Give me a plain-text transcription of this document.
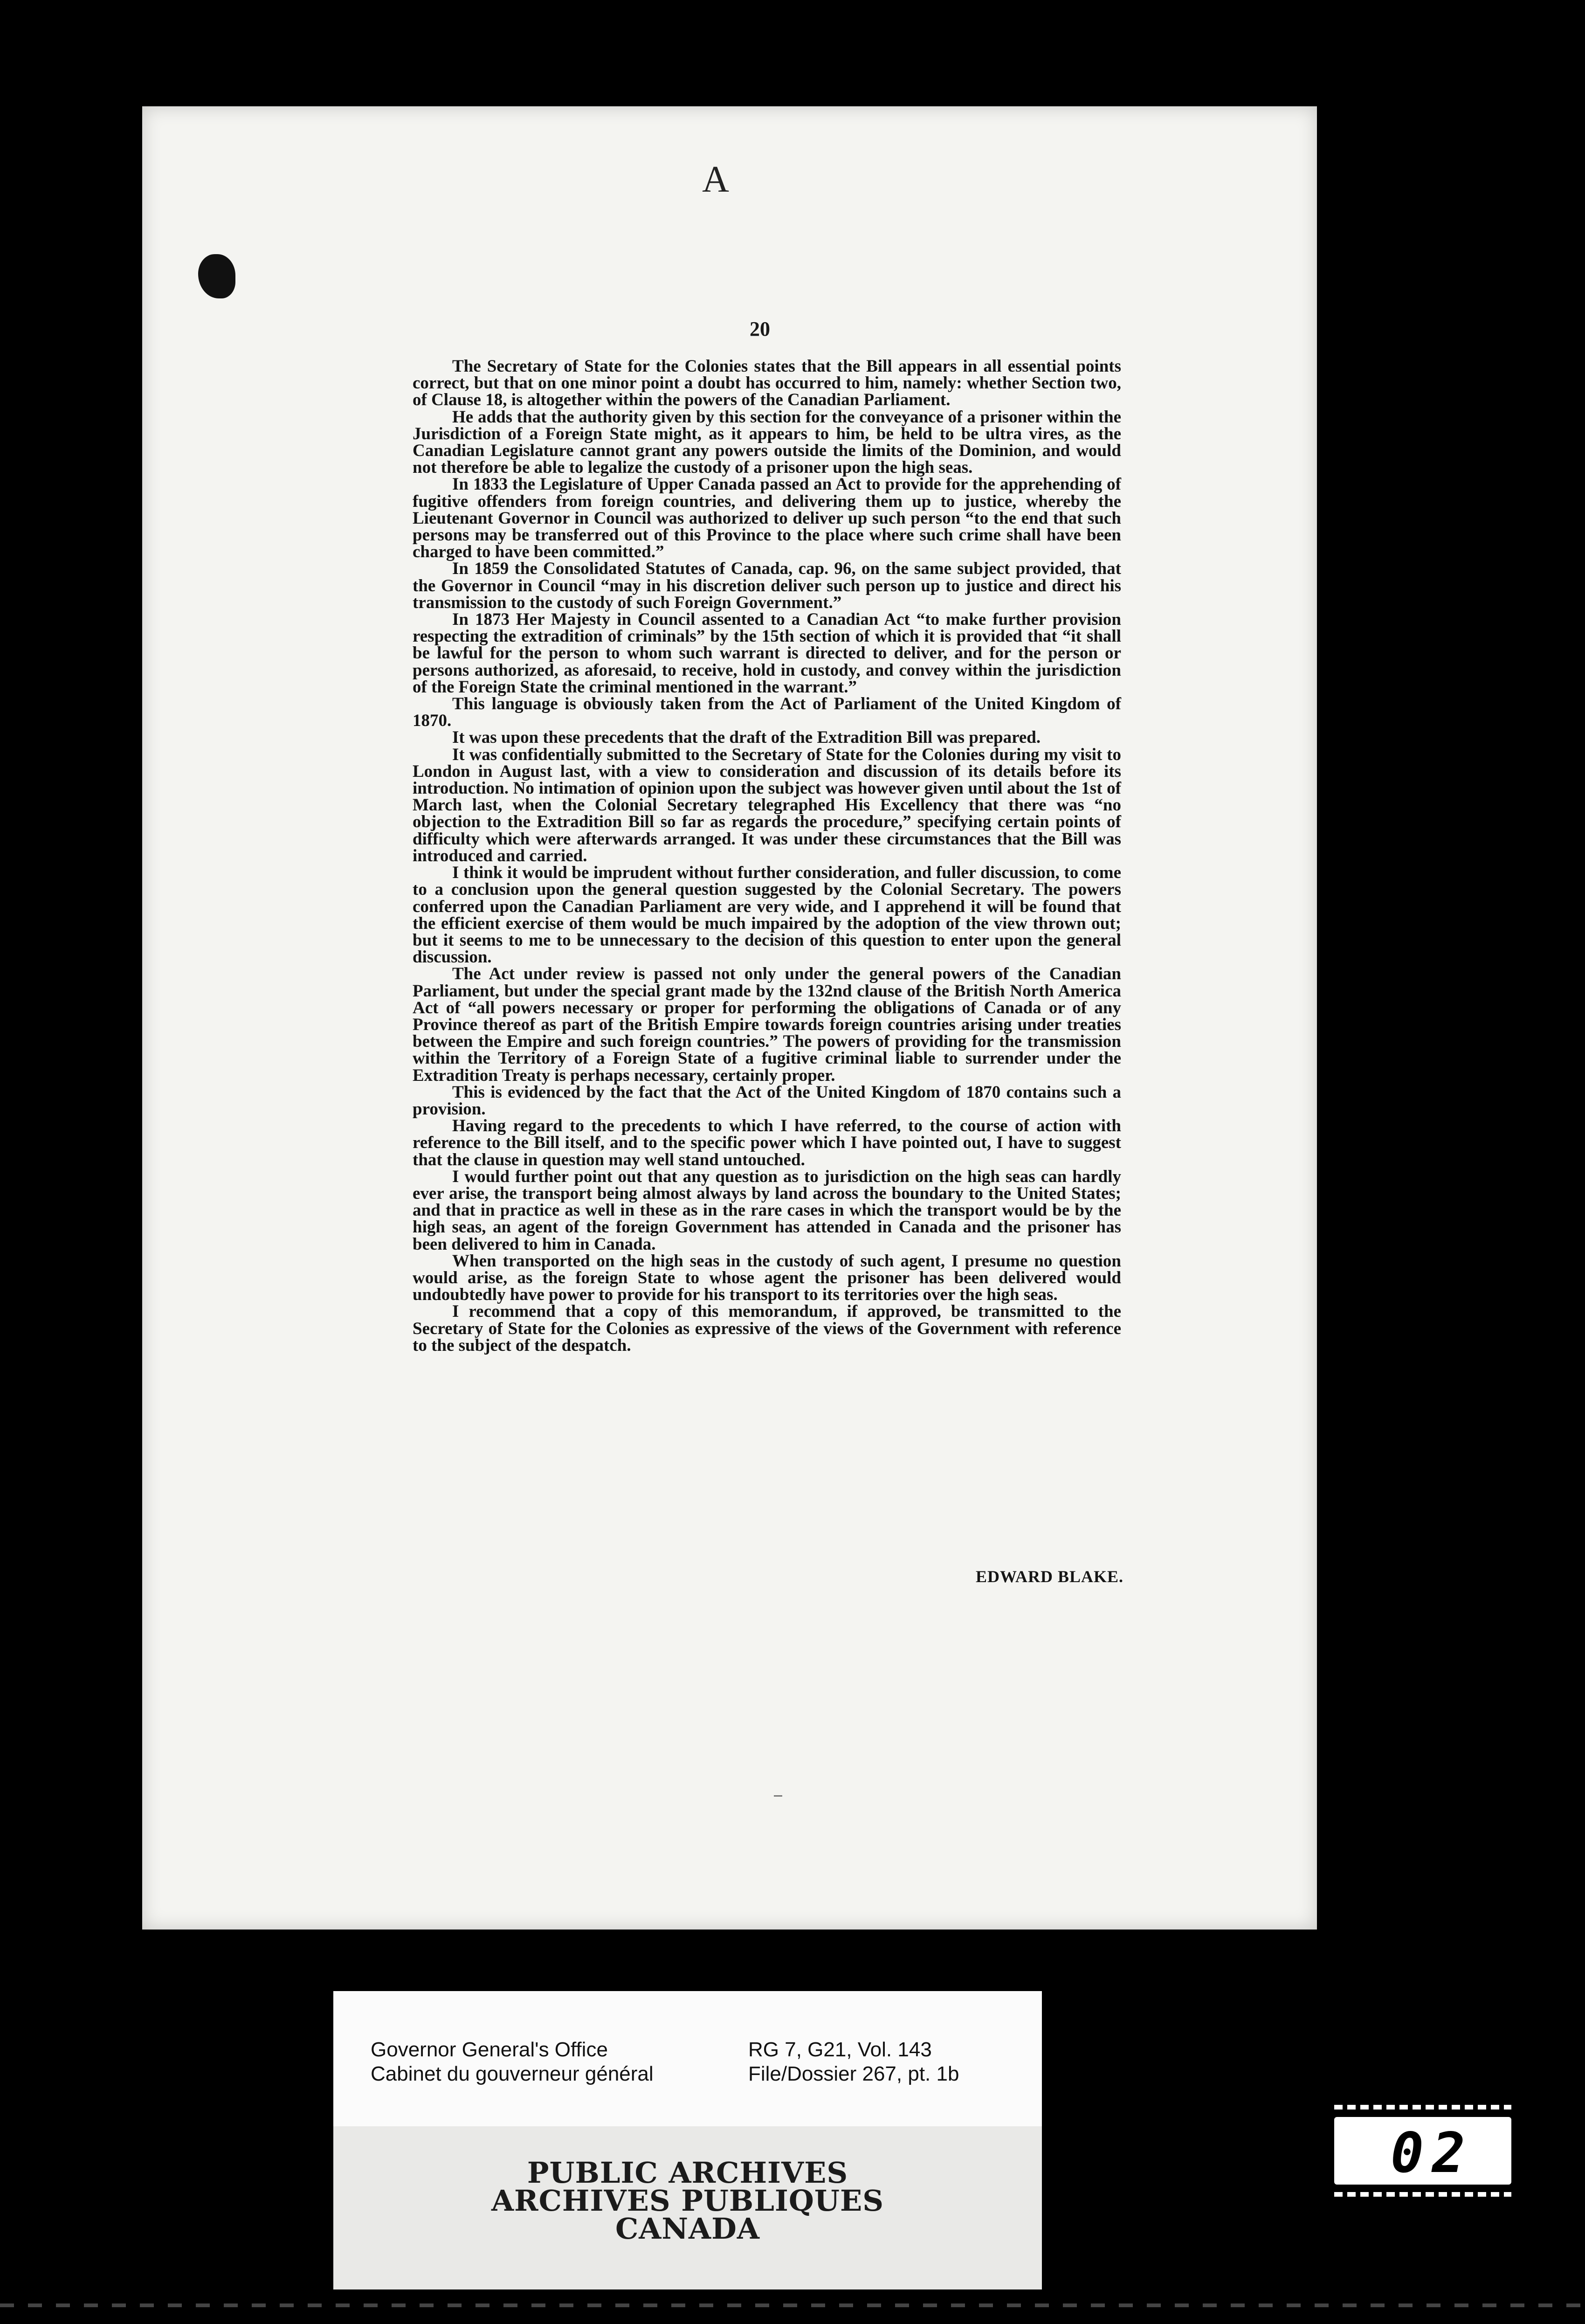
A
20

The Secretary of State for the Colonies states that the Bill appears in all essential points correct, but that on one minor point a doubt has occurred to him, namely: whether Section two, of Clause 18, is altogether within the powers of the Canadian Parliament.

He adds that the authority given by this section for the conveyance of a prisoner within the Jurisdiction of a Foreign State might, as it appears to him, be held to be ultra vires, as the Canadian Legislature cannot grant any powers outside the limits of the Dominion, and would not therefore be able to legalize the custody of a prisoner upon the high seas.

In 1833 the Legislature of Upper Canada passed an Act to provide for the apprehending of fugitive offenders from foreign countries, and delivering them up to justice, whereby the Lieutenant Governor in Council was authorized to deliver up such person “to the end that such persons may be transferred out of this Province to the place where such crime shall have been charged to have been committed.”

In 1859 the Consolidated Statutes of Canada, cap. 96, on the same subject provided, that the Governor in Council “may in his discretion deliver such person up to justice and direct his transmission to the custody of such Foreign Government.”

In 1873 Her Majesty in Council assented to a Canadian Act “to make further provision respecting the extradition of criminals” by the 15th section of which it is provided that “it shall be lawful for the person to whom such warrant is directed to deliver, and for the person or persons authorized, as aforesaid, to receive, hold in custody, and convey within the jurisdiction of the Foreign State the criminal mentioned in the warrant.”

This language is obviously taken from the Act of Parliament of the United Kingdom of 1870.

It was upon these precedents that the draft of the Extradition Bill was prepared.

It was confidentially submitted to the Secretary of State for the Colonies during my visit to London in August last, with a view to consideration and discussion of its details before its introduction. No intimation of opinion upon the subject was however given until about the 1st of March last, when the Colonial Secretary telegraphed His Excellency that there was “no objection to the Extradition Bill so far as regards the procedure,” specifying certain points of difficulty which were afterwards arranged. It was under these circumstances that the Bill was introduced and carried.

I think it would be imprudent without further consideration, and fuller discussion, to come to a conclusion upon the general question suggested by the Colonial Secretary. The powers conferred upon the Canadian Parliament are very wide, and I apprehend it will be found that the efficient exercise of them would be much impaired by the adoption of the view thrown out; but it seems to me to be unnecessary to the decision of this question to enter upon the general discussion.

The Act under review is passed not only under the general powers of the Canadian Parliament, but under the special grant made by the 132nd clause of the British North America Act of “all powers necessary or proper for performing the obligations of Canada or of any Province thereof as part of the British Empire towards foreign countries arising under treaties between the Empire and such foreign countries.” The powers of providing for the transmission within the Territory of a Foreign State of a fugitive criminal liable to surrender under the Extradition Treaty is perhaps necessary, certainly proper.

This is evidenced by the fact that the Act of the United Kingdom of 1870 contains such a provision.

Having regard to the precedents to which I have referred, to the course of action with reference to the Bill itself, and to the specific power which I have pointed out, I have to suggest that the clause in question may well stand untouched.

I would further point out that any question as to jurisdiction on the high seas can hardly ever arise, the transport being almost always by land across the boundary to the United States; and that in practice as well in these as in the rare cases in which the transport would be by the high seas, an agent of the foreign Government has attended in Canada and the prisoner has been delivered to him in Canada.

When transported on the high seas in the custody of such agent, I presume no question would arise, as the foreign State to whose agent the prisoner has been delivered would undoubtedly have power to provide for his transport to its territories over the high seas.

I recommend that a copy of this memorandum, if approved, be transmitted to the Secretary of State for the Colonies as expressive of the views of the Government with reference to the subject of the despatch.

EDWARD BLAKE.
Governor General's Office
Cabinet du gouverneur général
RG 7, G21, Vol. 143
File/Dossier 267, pt. 1b
PUBLIC ARCHIVES
ARCHIVES PUBLIQUES
CANADA
02
